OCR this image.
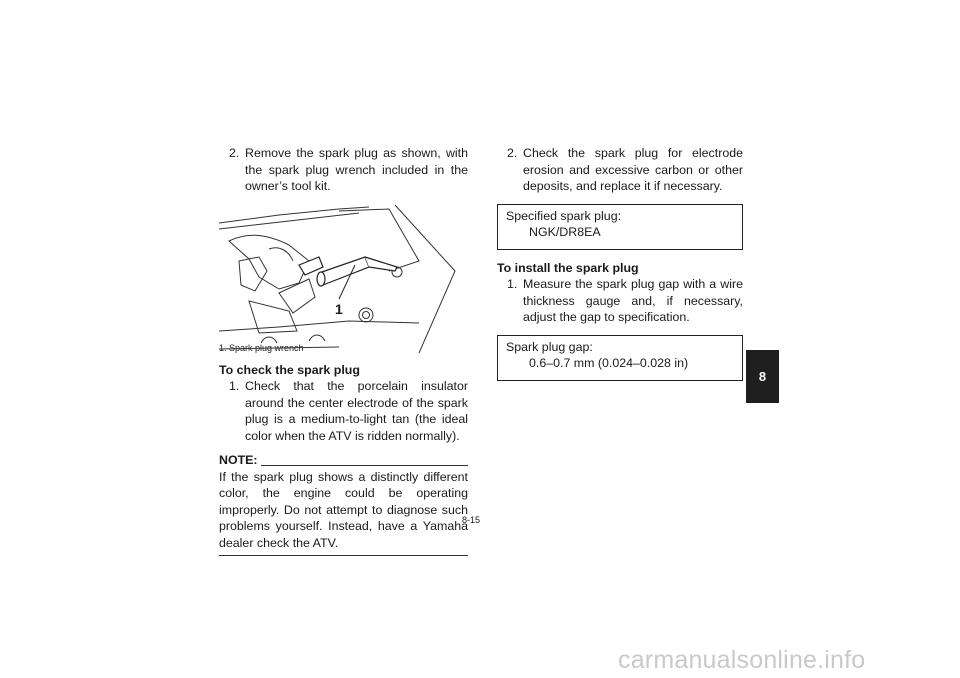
2. Remove the spark plug as shown, with the spark plug wrench included in the owner’s tool kit.
1
1. Spark plug wrench
To check the spark plug
1. Check that the porcelain insulator around the center electrode of the spark plug is a medium-to-light tan (the ideal color when the ATV is ridden normally).
NOTE:
If the spark plug shows a distinctly different color, the engine could be operating improperly. Do not attempt to diagnose such problems yourself. Instead, have a Yamaha dealer check the ATV.
2. Check the spark plug for electrode erosion and excessive carbon or other deposits, and replace it if necessary.
Specified spark plug:
NGK/DR8EA
To install the spark plug
1. Measure the spark plug gap with a wire thickness gauge and, if necessary, adjust the gap to specification.
Spark plug gap:
0.6–0.7 mm (0.024–0.028 in)
8-15
8
carmanualsonline.info
